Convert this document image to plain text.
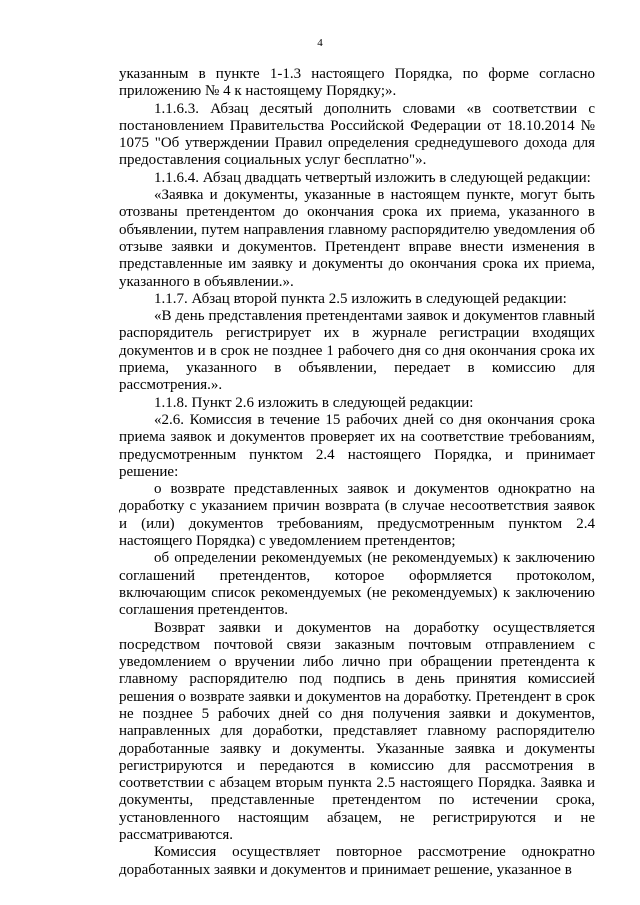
4

указанным в пункте 1-1.3 настоящего Порядка, по форме согласно приложению № 4 к настоящему Порядку;».

1.1.6.3. Абзац десятый дополнить словами «в соответствии с постановлением Правительства Российской Федерации от 18.10.2014 № 1075 "Об утверждении Правил определения среднедушевого дохода для предоставления социальных услуг бесплатно"».

1.1.6.4. Абзац двадцать четвертый изложить в следующей редакции:

«Заявка и документы, указанные в настоящем пункте, могут быть отозваны претендентом до окончания срока их приема, указанного в объявлении, путем направления главному распорядителю уведомления об отзыве заявки и документов. Претендент вправе внести изменения в представленные им заявку и документы до окончания срока их приема, указанного в объявлении.».

1.1.7. Абзац второй пункта 2.5 изложить в следующей редакции:

«В день представления претендентами заявок и документов главный распорядитель регистрирует их в журнале регистрации входящих документов и в срок не позднее 1 рабочего дня со дня окончания срока их приема, указанного в объявлении, передает в комиссию для рассмотрения.».

1.1.8. Пункт 2.6 изложить в следующей редакции:

«2.6. Комиссия в течение 15 рабочих дней со дня окончания срока приема заявок и документов проверяет их на соответствие требованиям, предусмотренным пунктом 2.4 настоящего Порядка, и принимает решение:

о возврате представленных заявок и документов однократно на доработку с указанием причин возврата (в случае несоответствия заявок и (или) документов требованиям, предусмотренным пунктом 2.4 настоящего Порядка) с уведомлением претендентов;

об определении рекомендуемых (не рекомендуемых) к заключению соглашений претендентов, которое оформляется протоколом, включающим список рекомендуемых (не рекомендуемых) к заключению соглашения претендентов.

Возврат заявки и документов на доработку осуществляется посредством почтовой связи заказным почтовым отправлением с уведомлением о вручении либо лично при обращении претендента к главному распорядителю под подпись в день принятия комиссией решения о возврате заявки и документов на доработку. Претендент в срок не позднее 5 рабочих дней со дня получения заявки и документов, направленных для доработки, представляет главному распорядителю доработанные заявку и документы. Указанные заявка и документы регистрируются и передаются в комиссию для рассмотрения в соответствии с абзацем вторым пункта 2.5 настоящего Порядка. Заявка и документы, представленные претендентом по истечении срока, установленного настоящим абзацем, не регистрируются и не рассматриваются.

Комиссия осуществляет повторное рассмотрение однократно доработанных заявки и документов и принимает решение, указанное в
